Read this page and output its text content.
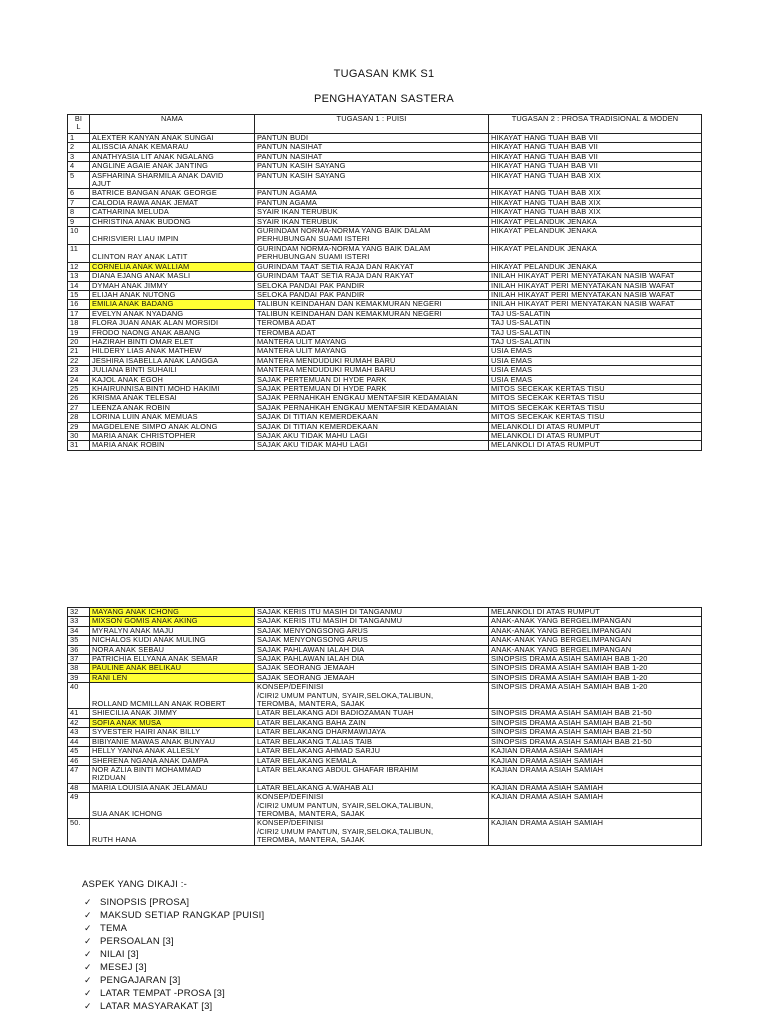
TUGASAN KMK S1
PENGHAYATAN SASTERA
BI
L	NAMA	TUGASAN 1 : PUISI	TUGASAN 2 : PROSA TRADISIONAL & MODEN
1	ALEXTER KANYAN ANAK SUNGAI	PANTUN BUDI	HIKAYAT HANG TUAH BAB VII
2	ALISSCIA ANAK KEMARAU	PANTUN NASIHAT	HIKAYAT HANG TUAH BAB VII
3	ANATHYASIA LIT ANAK NGALANG	PANTUN NASIHAT	HIKAYAT HANG TUAH BAB VII
4	ANGLINE AGAIE ANAK JANTING	PANTUN KASIH SAYANG	HIKAYAT HANG TUAH BAB VII
5	ASFHARINA SHARMILA ANAK DAVID
AJUT	PANTUN KASIH SAYANG	HIKAYAT HANG TUAH BAB XIX
6	BATRICE BANGAN ANAK GEORGE	PANTUN AGAMA	HIKAYAT HANG TUAH BAB XIX
7	CALODIA RAWA ANAK JEMAT	PANTUN AGAMA	HIKAYAT HANG TUAH BAB XIX
8	CATHARINA MELUDA	SYAIR IKAN TERUBUK	HIKAYAT HANG TUAH BAB XIX
9	CHRISTINA ANAK BUDONG	SYAIR IKAN TERUBUK	HIKAYAT PELANDUK JENAKA
10	CHRISVIERI LIAU IMPIN	GURINDAM NORMA-NORMA YANG BAIK DALAM
PERHUBUNGAN SUAMI ISTERI	HIKAYAT PELANDUK JENAKA
11	CLINTON RAY ANAK LATIT	GURINDAM NORMA-NORMA YANG BAIK DALAM
PERHUBUNGAN SUAMI ISTERI	HIKAYAT PELANDUK JENAKA
12	CORNELIA ANAK WALLIAM	GURINDAM TAAT SETIA RAJA DAN RAKYAT	HIKAYAT PELANDUK JENAKA
13	DIANA EJANG ANAK MASLI	GURINDAM TAAT SETIA RAJA DAN RAKYAT	INILAH HIKAYAT PERI MENYATAKAN NASIB WAFAT
14	DYMAH ANAK JIMMY	SELOKA PANDAI PAK PANDIR	INILAH HIKAYAT PERI MENYATAKAN NASIB WAFAT
15	ELIJAH ANAK NUTONG	SELOKA PANDAI PAK PANDIR	INILAH HIKAYAT PERI MENYATAKAN NASIB WAFAT
16	EMILIA ANAK BADANG	TALIBUN KEINDAHAN DAN KEMAKMURAN NEGERI	INILAH HIKAYAT PERI MENYATAKAN NASIB WAFAT
17	EVELYN ANAK NYADANG	TALIBUN KEINDAHAN DAN KEMAKMURAN NEGERI	TAJ US-SALATIN
18	FLORA JUAN ANAK ALAN MORSIDI	TEROMBA ADAT	TAJ US-SALATIN
19	FRODO NAONG ANAK ABANG	TEROMBA ADAT	TAJ US-SALATIN
20	HAZIRAH BINTI OMAR ELET	MANTERA ULIT MAYANG	TAJ US-SALATIN
21	HILDERY LIAS ANAK MATHEW	MANTERA ULIT MAYANG	USIA EMAS
22	JESHIRA ISABELLA ANAK LANGGA	MANTERA MENDUDUKI RUMAH BARU	USIA EMAS
23	JULIANA BINTI SUHAILI	MANTERA MENDUDUKI RUMAH BARU	USIA EMAS
24	KAJOL ANAK EGOH	SAJAK PERTEMUAN DI HYDE PARK	USIA EMAS
25	KHAIRUNNISA BINTI MOHD HAKIMI	SAJAK PERTEMUAN DI HYDE PARK	MITOS SECEKAK KERTAS TISU
26	KRISMA ANAK TELESAI	SAJAK PERNAHKAH ENGKAU MENTAFSIR KEDAMAIAN	MITOS SECEKAK KERTAS TISU
27	LEENZA ANAK ROBIN	SAJAK PERNAHKAH ENGKAU MENTAFSIR KEDAMAIAN	MITOS SECEKAK KERTAS TISU
28	LORINA LUIN ANAK MEMUAS	SAJAK DI TITIAN KEMERDEKAAN	MITOS SECEKAK KERTAS TISU
29	MAGDELENE SIMPO ANAK ALONG	SAJAK DI TITIAN KEMERDEKAAN	MELANKOLI DI ATAS RUMPUT
30	MARIA ANAK CHRISTOPHER	SAJAK AKU TIDAK MAHU LAGI	MELANKOLI DI ATAS RUMPUT
31	MARIA ANAK ROBIN	SAJAK AKU TIDAK MAHU LAGI	MELANKOLI DI ATAS RUMPUT
32	MAYANG ANAK ICHONG	SAJAK KERIS ITU MASIH DI TANGANMU	MELANKOLI DI ATAS RUMPUT
33	MIXSON GOMIS ANAK AKING	SAJAK KERIS ITU MASIH DI TANGANMU	ANAK-ANAK YANG BERGELIMPANGAN
34	MYRALYN ANAK MAJU	SAJAK MENYONGSONG ARUS	ANAK-ANAK YANG BERGELIMPANGAN
35	NICHALOS KUDI ANAK MULING	SAJAK MENYONGSONG ARUS	ANAK-ANAK YANG BERGELIMPANGAN
36	NORA ANAK SEBAU	SAJAK PAHLAWAN IALAH DIA	ANAK-ANAK YANG BERGELIMPANGAN
37	PATRICHIA ELLYANA ANAK SEMAR	SAJAK PAHLAWAN IALAH DIA	SINOPSIS DRAMA ASIAH SAMIAH BAB 1-20
38	PAULINE ANAK BELIKAU	SAJAK SEORANG JEMAAH	SINOPSIS DRAMA ASIAH SAMIAH BAB 1-20
39	RANI LEN	SAJAK SEORANG JEMAAH	SINOPSIS DRAMA ASIAH SAMIAH BAB 1-20
40	ROLLAND MCMILLAN ANAK ROBERT	KONSEP/DEFINISI
/CIRI2 UMUM PANTUN, SYAIR,SELOKA,TALIBUN,
TEROMBA, MANTERA, SAJAK	SINOPSIS DRAMA ASIAH SAMIAH BAB 1-20
41	SHIECILIA ANAK JIMMY	LATAR BELAKANG ADI BADIOZAMAN TUAH	SINOPSIS DRAMA ASIAH SAMIAH BAB 21-50
42	SOFIA ANAK MUSA	LATAR BELAKANG BAHA ZAIN	SINOPSIS DRAMA ASIAH SAMIAH BAB 21-50
43	SYVESTER HAIRI ANAK BILLY	LATAR BELAKANG DHARMAWIJAYA	SINOPSIS DRAMA ASIAH SAMIAH BAB 21-50
44	BIBIYANIE MAWAS ANAK BUNYAU	LATAR BELAKANG T.ALIAS TAIB	SINOPSIS DRAMA ASIAH SAMIAH BAB 21-50
45	HELLY YANNA ANAK ALLESLY	LATAR BELAKANG AHMAD SARJU	KAJIAN DRAMA ASIAH SAMIAH
46	SHERENA NGANA ANAK DAMPA	LATAR BELAKANG KEMALA	KAJIAN DRAMA ASIAH SAMIAH
47	NOR AZLIA BINTI MOHAMMAD
RIZDUAN	LATAR BELAKANG ABDUL GHAFAR IBRAHIM	KAJIAN DRAMA ASIAH SAMIAH
48	MARIA LOUISIA ANAK JELAMAU	LATAR BELAKANG A.WAHAB ALI	KAJIAN DRAMA ASIAH SAMIAH
49	SUA ANAK ICHONG	KONSEP/DEFINISI
/CIRI2 UMUM PANTUN, SYAIR,SELOKA,TALIBUN,
TEROMBA, MANTERA, SAJAK	KAJIAN DRAMA ASIAH SAMIAH
50.	RUTH HANA	KONSEP/DEFINISI
/CIRI2 UMUM PANTUN, SYAIR,SELOKA,TALIBUN,
TEROMBA, MANTERA, SAJAK	KAJIAN DRAMA ASIAH SAMIAH
ASPEK YANG DIKAJI :-
✓ SINOPSIS [PROSA]
✓ MAKSUD SETIAP RANGKAP [PUISI]
✓ TEMA
✓ PERSOALAN [3]
✓ NILAI [3]
✓ MESEJ [3]
✓ PENGAJARAN [3]
✓ LATAR TEMPAT -PROSA [3]
✓ LATAR MASYARAKAT [3]
